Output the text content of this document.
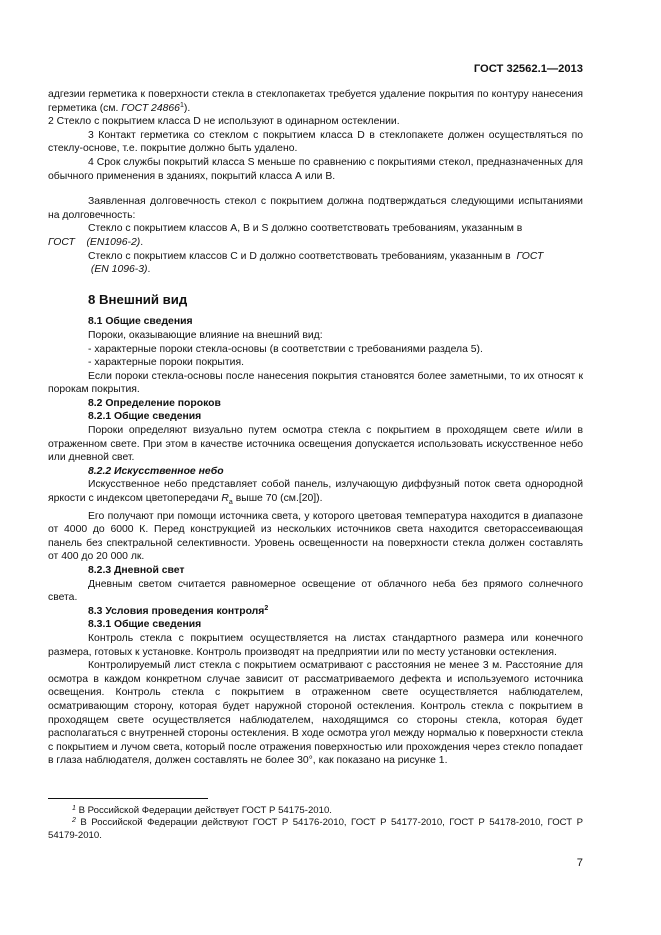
ГОСТ 32562.1—2013

адгезии герметика к поверхности стекла в стеклопакетах требуется удаление покрытия по контуру нанесения герметика (см. ГОСТ 24866$^1$).

2 Стекло с покрытием класса D не используют в одинарном остеклении.

3 Контакт герметика со стеклом с покрытием класса D в стеклопакете должен осуществляться по стеклу-основе, т.е. покрытие должно быть удалено.

4 Срок службы покрытий класса S меньше по сравнению с покрытиями стекол, предназначенных для обычного применения в зданиях, покрытий класса А или В.

Заявленная долговечность стекол с покрытием должна подтверждаться следующими испытаниями на долговечность:

Стекло с покрытием классов А, В и S должно соответствовать требованиям, указанным в

ГОСТ (EN1096-2).

Стекло с покрытием классов С и D должно соответствовать требованиям, указанным в  ГОСТ

(EN 1096-3).

8 Внешний вид
8.1 Общие сведения

Пороки, оказывающие влияние на внешний вид:

- характерные пороки стекла-основы (в соответствии с требованиями раздела 5).

- характерные пороки покрытия.

Если пороки стекла-основы после нанесения покрытия становятся более заметными, то их относят к порокам покрытия.

8.2 Определение пороков
8.2.1 Общие сведения

Пороки определяют визуально путем осмотра стекла с покрытием в проходящем свете и/или в отраженном свете. При этом в качестве источника освещения допускается использовать искусственное небо или дневной свет.

8.2.2 Искусственное небо

Искусственное небо представляет собой панель, излучающую диффузный поток света однородной яркости с индексом цветопередачи $R_a$ выше 70 (см.[20]).

Его получают при помощи источника света, у которого цветовая температура находится в диапазоне от 4000 до 6000 К. Перед конструкцией из нескольких источников света находится светорассеивающая панель без спектральной селективности. Уровень освещенности на поверхности стекла должен составлять от 400 до 20 000 лк.

8.2.3 Дневной свет

Дневным светом считается равномерное освещение от облачного неба без прямого солнечного света.

8.3 Условия проведения контроля$^2$
8.3.1 Общие сведения

Контроль стекла с покрытием осуществляется на листах стандартного размера или конечного размера, готовых к установке. Контроль производят на предприятии или по месту установки остекления.

Контролируемый лист стекла с покрытием осматривают с расстояния не менее 3 м. Расстояние для осмотра в каждом конкретном случае зависит от рассматриваемого дефекта и используемого источника освещения. Контроль стекла с покрытием в отраженном свете осуществляется наблюдателем, осматривающим сторону, которая будет наружной стороной остекления. Контроль стекла с покрытием в проходящем свете осуществляется наблюдателем, находящимся со стороны стекла, которая будет располагаться с внутренней стороны остекления. В ходе осмотра угол между нормалью к поверхности стекла с покрытием и лучом света, который после отражения поверхностью или прохождения через стекло попадает в глаза наблюдателя, должен составлять не более 30°, как показано на рисунке 1.

$^1$ В Российской Федерации действует ГОСТ Р 54175-2010.

$^2$ В Российской Федерации действуют ГОСТ Р 54176-2010, ГОСТ Р 54177-2010, ГОСТ Р 54178-2010, ГОСТ Р 54179-2010.

7
